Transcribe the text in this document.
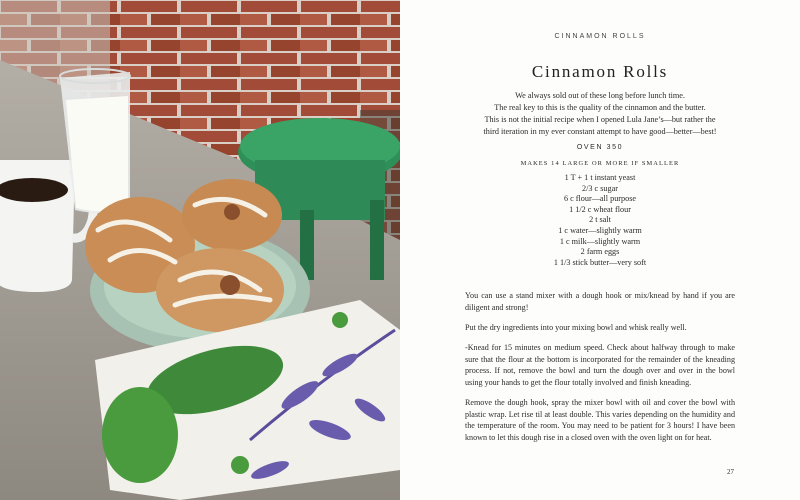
CINNAMON ROLLS
Cinnamon Rolls
We always sold out of these long before lunch time.
The real key to this is the quality of the cinnamon and the butter.
This is not the initial recipe when I opened Lula Jane’s—but rather the
third iteration in my ever constant attempt to have good—better—best!
OVEN 350
MAKES 14 LARGE OR MORE IF SMALLER
1 T + 1 t instant yeast
2/3 c sugar
6 c flour—all purpose
1 1/2 c wheat flour
2 t salt
1 c water—slightly warm
1 c milk—slightly warm
2 farm eggs
1 1/3 stick butter—very soft

You can use a stand mixer with a dough hook or mix/knead by hand if you are diligent and strong!

Put the dry ingredients into your mixing bowl and whisk really well.

-Knead for 15 minutes on medium speed. Check about halfway through to make sure that the flour at the bottom is incorporated for the remainder of the kneading process. If not, remove the bowl and turn the dough over and over in the bowl using your hands to get the flour totally involved and finish kneading.

Remove the dough hook, spray the mixer bowl with oil and cover the bowl with plastic wrap. Let rise til at least double. This varies depending on the humidity and the temperature of the room. You may need to be patient for 3 hours! I have been known to let this dough rise in a closed oven with the oven light on for heat.

27
